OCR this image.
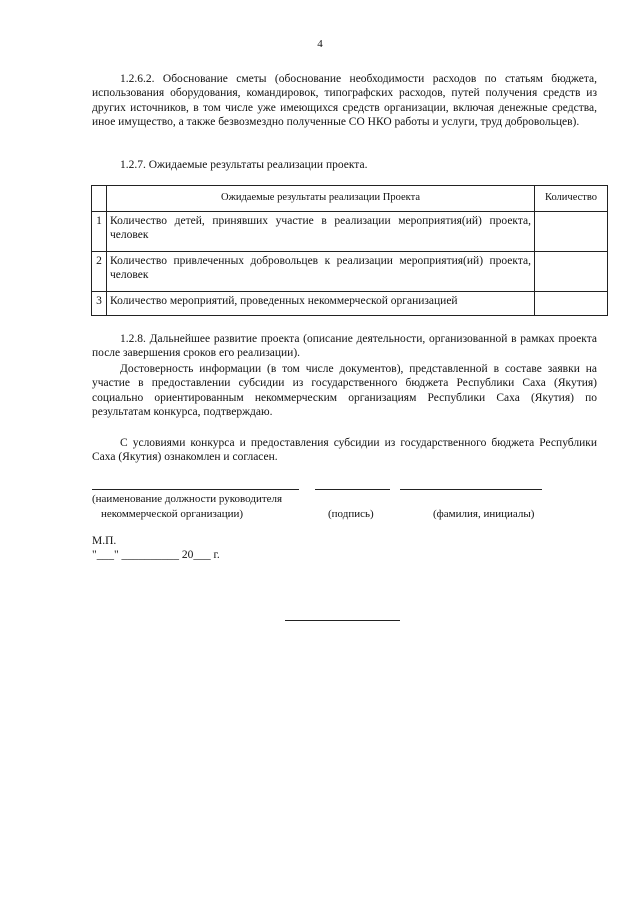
4
1.2.6.2. Обоснование сметы (обоснование необходимости расходов по статьям бюджета, использования оборудования, командировок, типографских расходов, путей получения средств из других источников, в том числе уже имеющихся средств организации, включая денежные средства, иное имущество, а также безвозмездно полученные СО НКО работы и услуги, труд добровольцев).
1.2.7. Ожидаемые результаты реализации проекта.
	Ожидаемые результаты реализации Проекта	Количество
1	Количество детей, принявших участие в реализации мероприятия(ий) проекта, человек	
2	Количество привлеченных добровольцев к реализации мероприятия(ий) проекта, человек	
3	Количество мероприятий, проведенных некоммерческой организацией	
1.2.8. Дальнейшее развитие проекта (описание деятельности, организованной в рамках проекта после завершения сроков его реализации).
Достоверность информации (в том числе документов), представленной в составе заявки на участие в предоставлении субсидии из государственного бюджета Республики Саха (Якутия) социально ориентированным некоммерческим организациям Республики Саха (Якутия) по результатам конкурса, подтверждаю.
С условиями конкурса и предоставления субсидии из государственного бюджета Республики Саха (Якутия) ознакомлен и согласен.
(наименование должности руководителя
некоммерческой организации)	(подпись)	(фамилия, инициалы)
М.П.
"___" __________ 20___ г.
